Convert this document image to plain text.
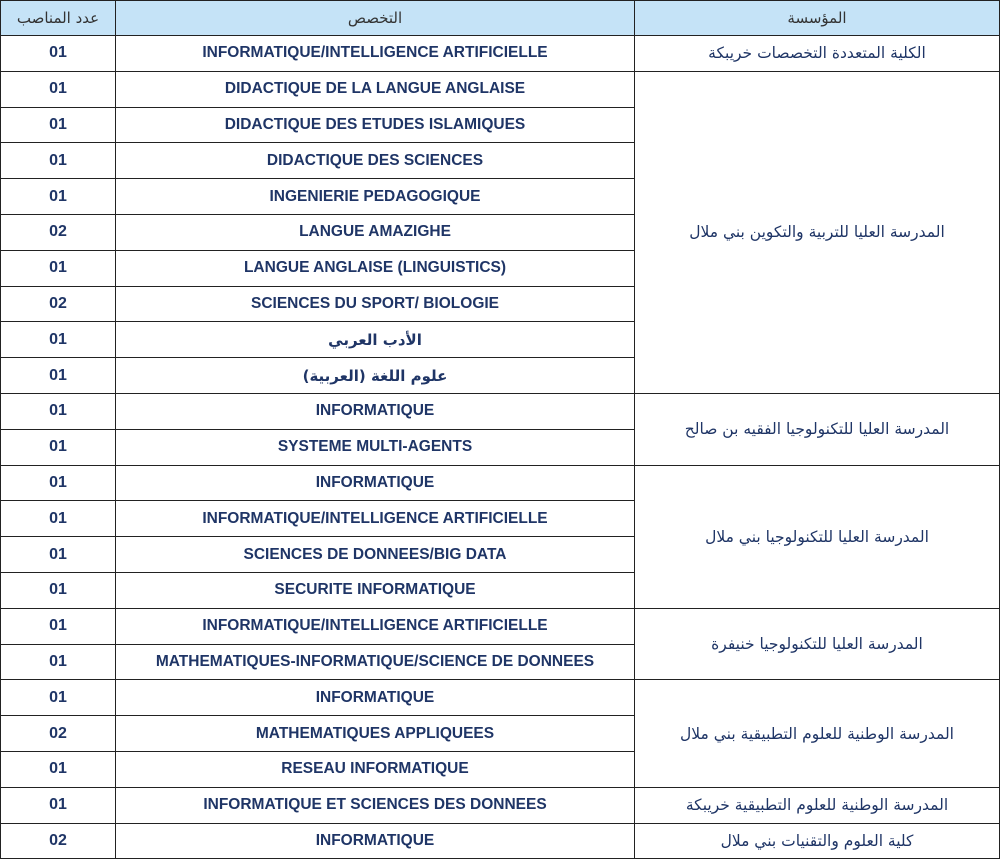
عدد المناصب	التخصص	المؤسسة
01	INFORMATIQUE/INTELLIGENCE ARTIFICIELLE	الكلية المتعددة التخصصات خريبكة
01	DIDACTIQUE DE LA LANGUE ANGLAISE	المدرسة العليا للتربية والتكوين بني ملال
01	DIDACTIQUE DES ETUDES ISLAMIQUES	
01	DIDACTIQUE DES SCIENCES	
01	INGENIERIE PEDAGOGIQUE	
02	LANGUE AMAZIGHE	
01	LANGUE ANGLAISE (LINGUISTICS)	
02	SCIENCES DU SPORT/ BIOLOGIE	
01	الأدب العربي	
01	علوم اللغة (العربية)	
01	INFORMATIQUE	المدرسة العليا للتكنولوجيا الفقيه بن صالح
01	SYSTEME MULTI-AGENTS	
01	INFORMATIQUE	المدرسة العليا للتكنولوجيا بني ملال
01	INFORMATIQUE/INTELLIGENCE ARTIFICIELLE	
01	SCIENCES DE DONNEES/BIG DATA	
01	SECURITE INFORMATIQUE	
01	INFORMATIQUE/INTELLIGENCE ARTIFICIELLE	المدرسة العليا للتكنولوجيا خنيفرة
01	MATHEMATIQUES-INFORMATIQUE/SCIENCE DE DONNEES	
01	INFORMATIQUE	المدرسة الوطنية للعلوم التطبيقية بني ملال
02	MATHEMATIQUES APPLIQUEES	
01	RESEAU INFORMATIQUE	
01	INFORMATIQUE ET SCIENCES DES DONNEES	المدرسة الوطنية للعلوم التطبيقية خريبكة
02	INFORMATIQUE	كلية العلوم والتقنيات بني ملال
